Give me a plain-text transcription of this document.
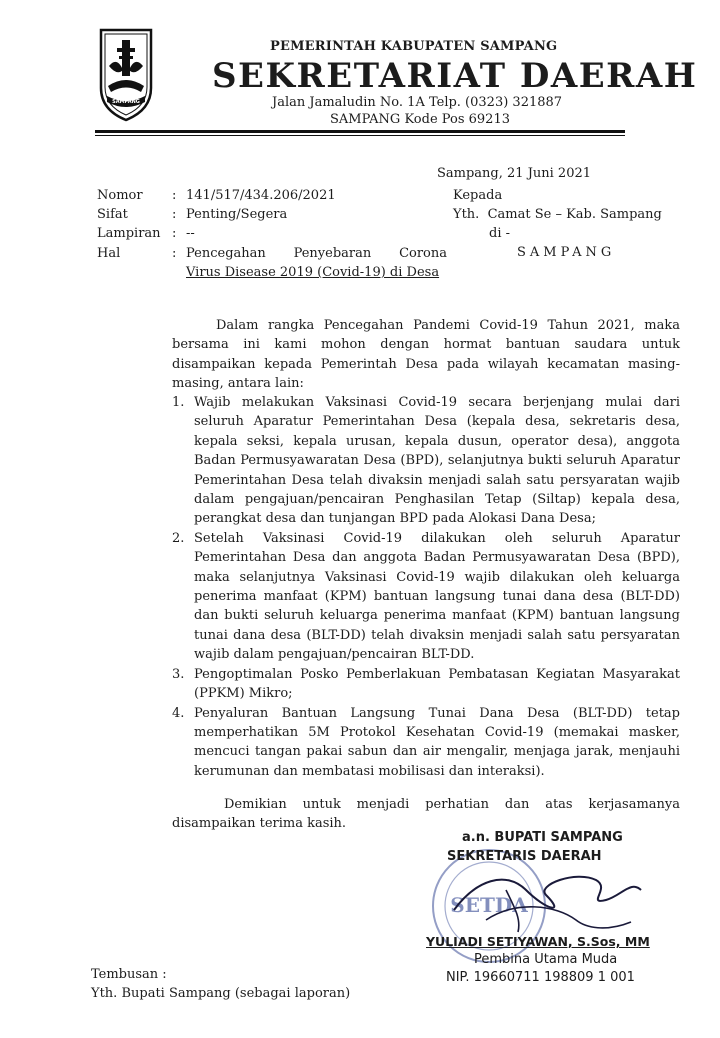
SAMPANG
PEMERINTAH KABUPATEN SAMPANG
SEKRETARIAT DAERAH
Jalan Jamaludin No. 1A Telp. (0323) 321887
SAMPANG Kode Pos 69213
Sampang, 21 Juni 2021
Nomor : 141/517/434.206/2021
Sifat	: Penting/Segera
Lampiran : --
Hal	: Pencegahan Penyebaran Corona
Virus Disease 2019 (Covid-19) di Desa
Kepada
Yth.  Camat Se – Kab. Sampang
di -
SAMPANG
Dalam rangka Pencegahan Pandemi Covid-19 Tahun 2021, maka bersama ini kami mohon dengan hormat bantuan saudara untuk disampaikan kepada Pemerintah Desa pada wilayah kecamatan masing-masing, antara lain:
1. Wajib melakukan Vaksinasi Covid-19 secara berjenjang mulai dari seluruh Aparatur Pemerintahan Desa (kepala desa, sekretaris desa, kepala seksi, kepala urusan, kepala dusun, operator desa), anggota Badan Permusyawaratan Desa (BPD), selanjutnya bukti seluruh Aparatur Pemerintahan Desa telah divaksin menjadi salah satu persyaratan wajib dalam pengajuan/pencairan Penghasilan Tetap (Siltap) kepala desa, perangkat desa dan tunjangan BPD pada Alokasi Dana Desa;
2. Setelah Vaksinasi Covid-19 dilakukan oleh seluruh Aparatur Pemerintahan Desa dan anggota Badan Permusyawaratan Desa (BPD), maka selanjutnya Vaksinasi Covid-19 wajib dilakukan oleh keluarga penerima manfaat (KPM) bantuan langsung tunai dana desa (BLT-DD) dan bukti seluruh keluarga penerima manfaat (KPM) bantuan langsung tunai dana desa (BLT-DD) telah divaksin menjadi salah satu persyaratan wajib dalam pengajuan/pencairan BLT-DD.
3. Pengoptimalan Posko Pemberlakuan Pembatasan Kegiatan Masyarakat (PPKM) Mikro;
4. Penyaluran Bantuan Langsung Tunai Dana Desa (BLT-DD) tetap memperhatikan 5M Protokol Kesehatan Covid-19 (memakai masker, mencuci tangan pakai sabun dan air mengalir, menjaga jarak, menjauhi kerumunan dan membatasi mobilisasi dan interaksi).
Demikian untuk menjadi perhatian dan atas kerjasamanya disampaikan terima kasih.
SETDA
a.n. BUPATI SAMPANG
SEKRETARIS DAERAH
YULIADI SETIYAWAN, S.Sos, MM
Pembina Utama Muda
NIP. 19660711 198809 1 001
Tembusan :
Yth. Bupati Sampang (sebagai laporan)
